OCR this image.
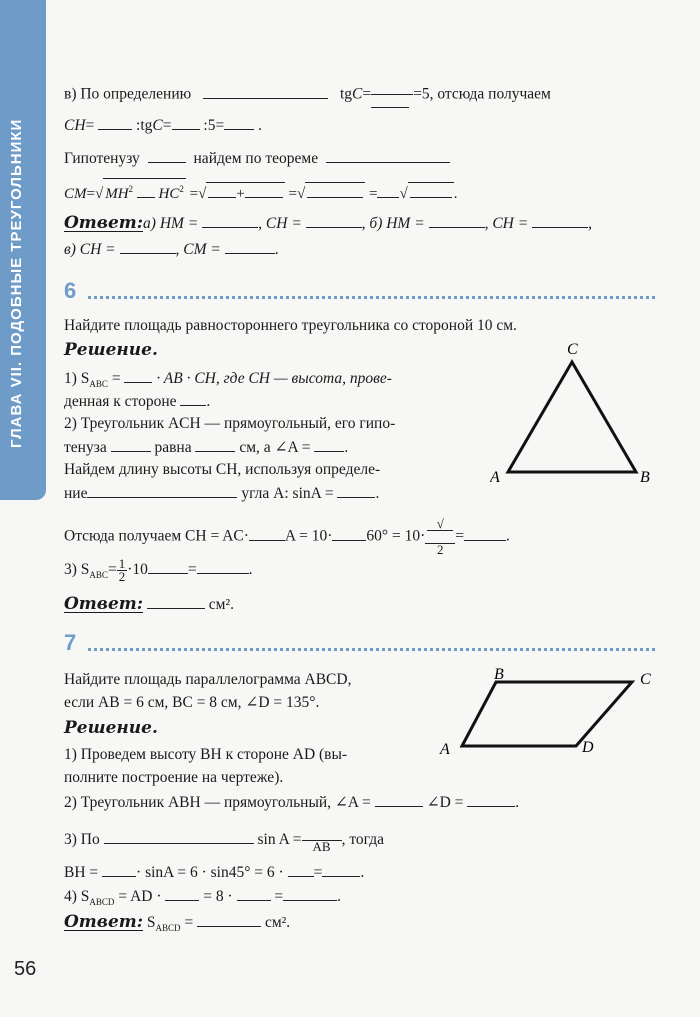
ГЛАВА VII. ПОДОБНЫЕ ТРЕУГОЛЬНИКИ
в) По определению	tgC=

	=5, отсюда получаем
CH=  :tgC= :5= .
Гипотенузу	найдем по теореме
CM=√ $MH^2$ $HC^2$ =√ +	=√	= √	.
Ответ:а) HM =	, CH =	, б) HM =	, CH =	,
в) CH =	, CM =	.
6
Найдите площадь равностороннего треугольника со стороной 10 см.
Решение.
1) $S_{ABC}$ =  · AB · CH, где CH — высота, прове-
денная к стороне .
2) Треугольник ACH — прямоугольный, его гипо-
тенуза	равна	см, а ∠A = .
Найдем длину высоты CH, используя определе-
ние	угла A: sinA =	.
Отсюда получаем CH = $AC\cdot A = 10\cdot 60^\circ = 10\cdot \frac{√}{2}$ =	.
3) $S_{ABC}= \frac{1}{2} \cdot 10$	=	.
Ответ:	см².
C
A	B
7
Найдите площадь параллелограмма ABCD,
если AB = 6 см, BC = 8 см, ∠D = 135°.
Решение.
1) Проведем высоту BH к стороне AD (вы-
полните построение на чертеже).
2) Треугольник ABH — прямоугольный, ∠A =	∠D =	.
3) По	sin A =
AB , тогда
BH = · sinA = 6 · sin45° = 6 · = .
4) $S_{ABCD}$ = AD ·  = 8 ·  =	.
Ответ: $S_{ABCD}$ =	см².
B	C
A	D
56
